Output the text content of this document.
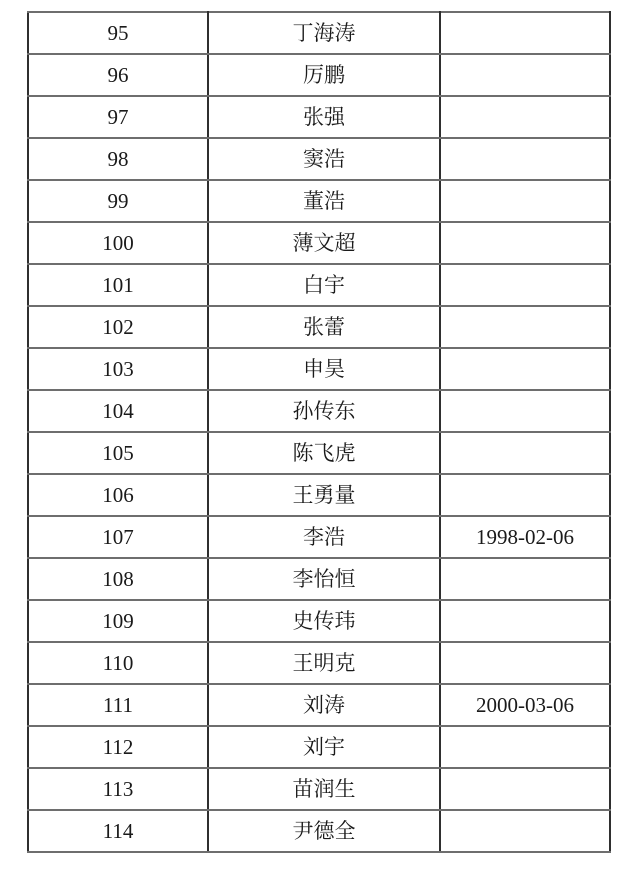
95	丁海涛	
96	厉鹏	
97	张强	
98	窦浩	
99	董浩	
100	薄文超	
101	白宇	
102	张蕾	
103	申昊	
104	孙传东	
105	陈飞虎	
106	王勇量	
107	李浩	1998-02-06
108	李怡恒	
109	史传玮	
110	王明克	
111	刘涛	2000-03-06
112	刘宇	
113	苗润生	
114	尹德全	
